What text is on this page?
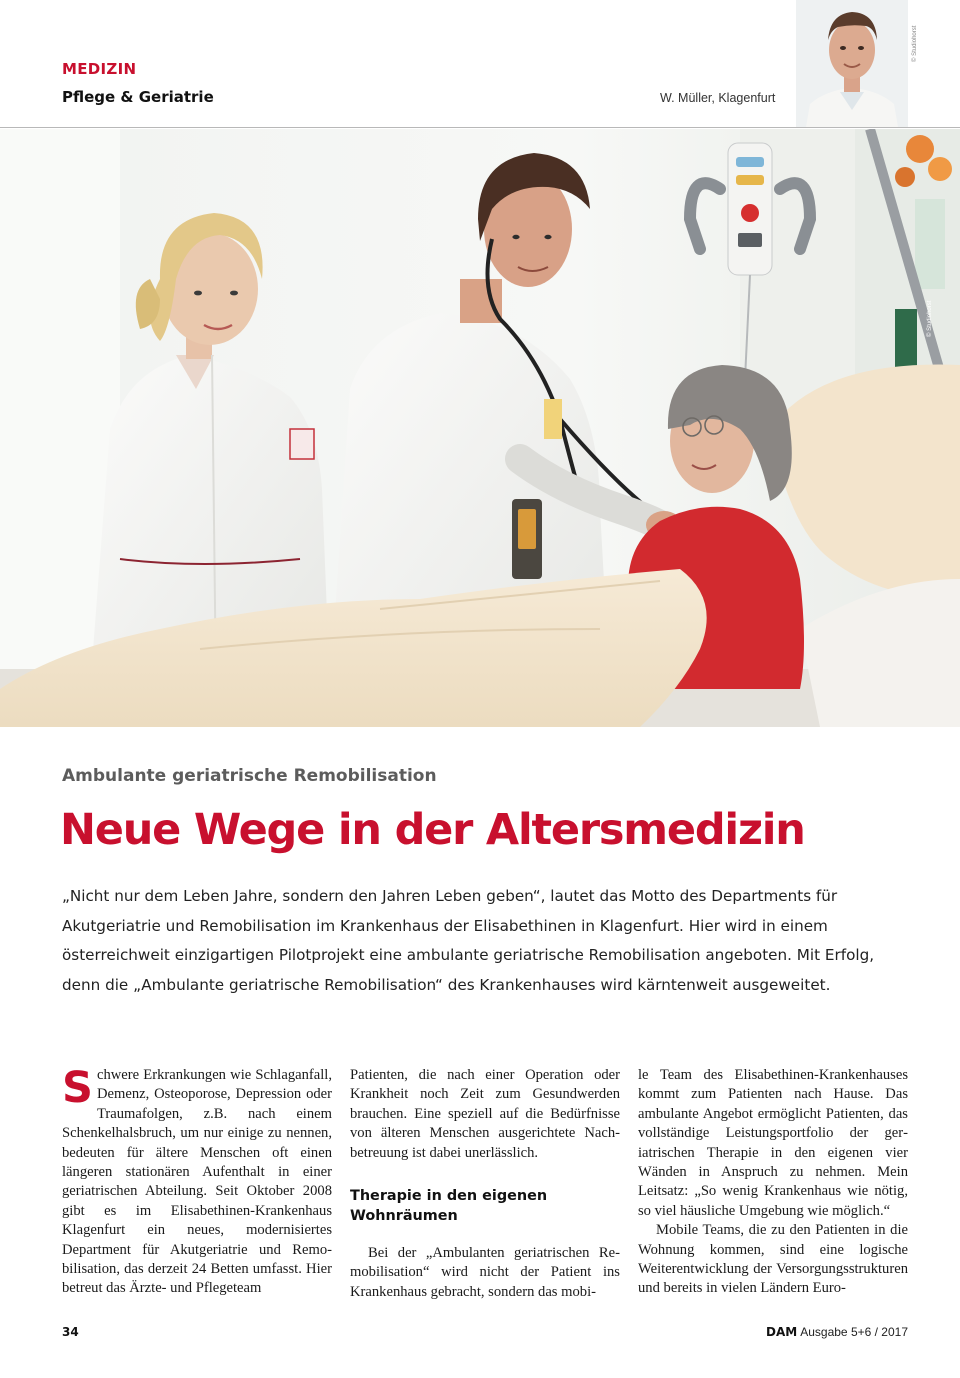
MEDIZIN
Pflege & Geriatrie	W. Müller, Klagenfurt
© Studiohorst
© Studiohorst
Ambulante geriatrische Remobilisation
Neue Wege in der Altersmedizin

„Nicht nur dem Leben Jahre, sondern den Jahren Leben geben“, lautet das Motto des Departments für Akutgeriatrie und Remobilisation im Krankenhaus der Elisabethinen in Klagenfurt. Hier wird in einem österreichweit einzigartigen Pilotprojekt eine ambulante geriatrische Remobilisation angeboten. Mit Erfolg, denn die „Ambulante geriatrische Remobilisation“ des Krankenhauses wird kärntenweit ausgeweitet.

S chwere Erkrankungen wie Schlaganfall, Demenz, Osteoporose, Depression oder Traumafolgen, z.B. nach einem Schenkelhalsbruch, um nur einige zu nennen, bedeuten für ältere Menschen oft einen längeren stationären Aufenthalt in einer geriatrischen Abteilung. Seit Oktober 2008 gibt es im Elisabethinen-Krankenhaus Klagenfurt ein neues, modernisiertes Department für Akutgeriatrie und Remobilisation, das derzeit 24 Betten umfasst. Hier betreut das Ärzte- und Pflegeteam

Patienten, die nach einer Operation oder Krankheit noch Zeit zum Gesundwerden brauchen. Eine speziell auf die Bedürfnisse von älteren Menschen ausgerichtete Nachbetreuung ist dabei unerlässlich.

Therapie in den eigenen Wohnräumen

Bei der „Ambulanten geriatrischen Remobilisation“ wird nicht der Patient ins Krankenhaus gebracht, sondern das mobi-

le Team des Elisabethinen-Krankenhauses kommt zum Patienten nach Hause. Das ambulante Angebot ermöglicht Patienten, das vollständige Leistungsportfolio der geriatrischen Therapie in den eigenen vier Wänden in Anspruch zu nehmen. Mein Leitsatz: „So wenig Krankenhaus wie nötig, so viel häusliche Umgebung wie möglich.“

Mobile Teams, die zu den Patienten in die Wohnung kommen, sind eine logische Weiterentwicklung der Versorgungsstrukturen und bereits in vielen Ländern Euro-

34	DAM Ausgabe 5+6 / 2017
